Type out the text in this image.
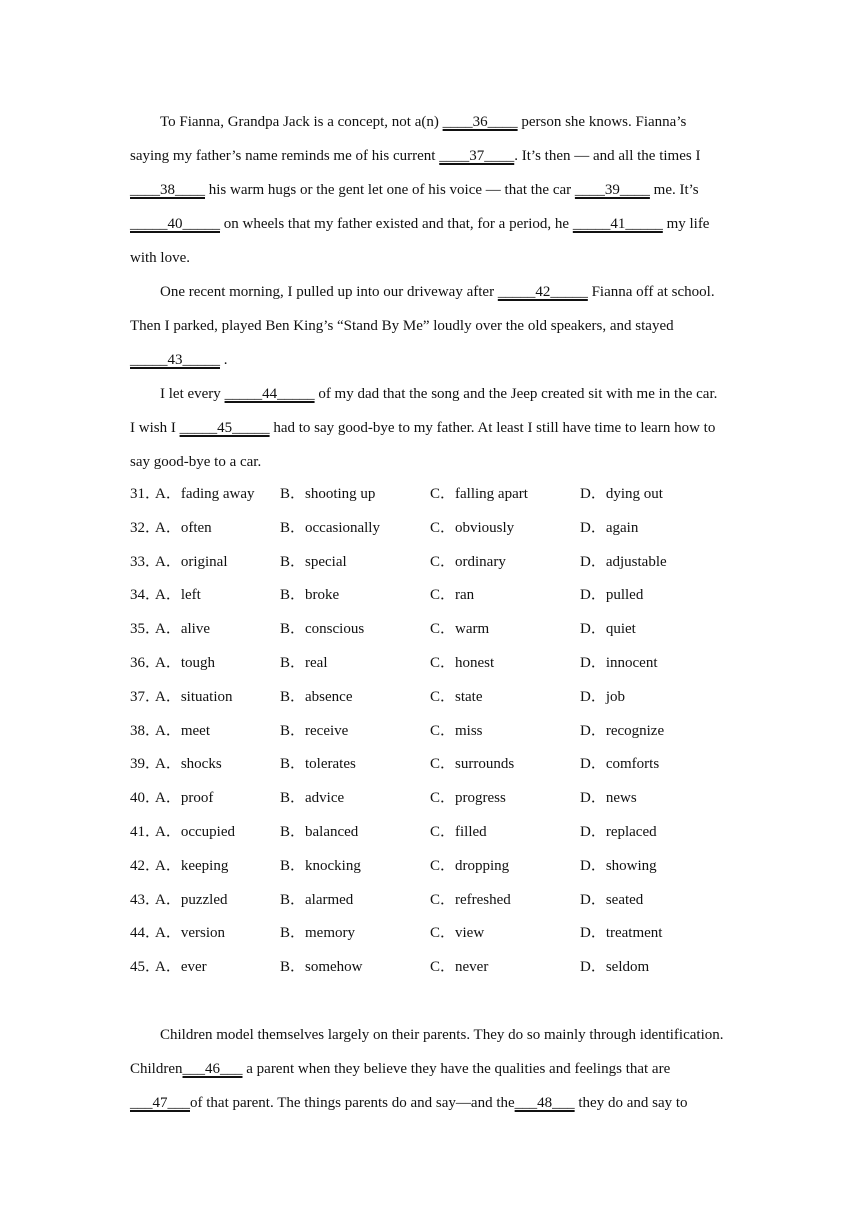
To Fianna, Grandpa Jack is a concept, not a(n) ____36____ person she knows. Fianna’s
saying my father’s name reminds me of his current ____37____. It’s then — and all the times I
____38____ his warm hugs or the gent let one of his voice — that the car ____39____ me. It’s
_____40_____ on wheels that my father existed and that, for a period, he _____41_____ my life
with love.
One recent morning, I pulled up into our driveway after _____42_____ Fianna off at school.
Then I parked, played Ben King’s “Stand By Me” loudly over the old speakers, and stayed
_____43_____ .
I let every _____44_____ of my dad that the song and the Jeep created sit with me in the car.
I wish I _____45_____ had to say good-bye to my father. At least I still have time to learn how to
say good-bye to a car.
31．
A．fading away B．shooting up	C．falling apart	D．dying out
32．
A．often	B．occasionally	C．obviously	D．again
33．
A．original	B．special	C．ordinary	D．adjustable
34．
A．left	B．broke	C．ran	D．pulled
35．
A．alive	B．conscious	C．warm	D．quiet
36．
A．tough	B．real	C．honest	D．innocent
37．
A．situation	B．absence	C．state	D．job
38．
A．meet	B．receive	C．miss	D．recognize
39．
A．shocks	B．tolerates	C．surrounds	D．comforts
40．
A．proof	B．advice	C．progress	D．news
41．
A．occupied	B．balanced	C．filled	D．replaced
42．
A．keeping	B．knocking	C．dropping	D．showing
43．
A．puzzled	B．alarmed	C．refreshed	D．seated
44．
A．version	B．memory	C．view	D．treatment
45．
A．ever	B．somehow	C．never	D．seldom
Children model themselves largely on their parents. They do so mainly through identification.
Children___46___ a parent when they believe they have the qualities and feelings that are
___47___of that parent. The things parents do and say—and the___48___ they do and say to
